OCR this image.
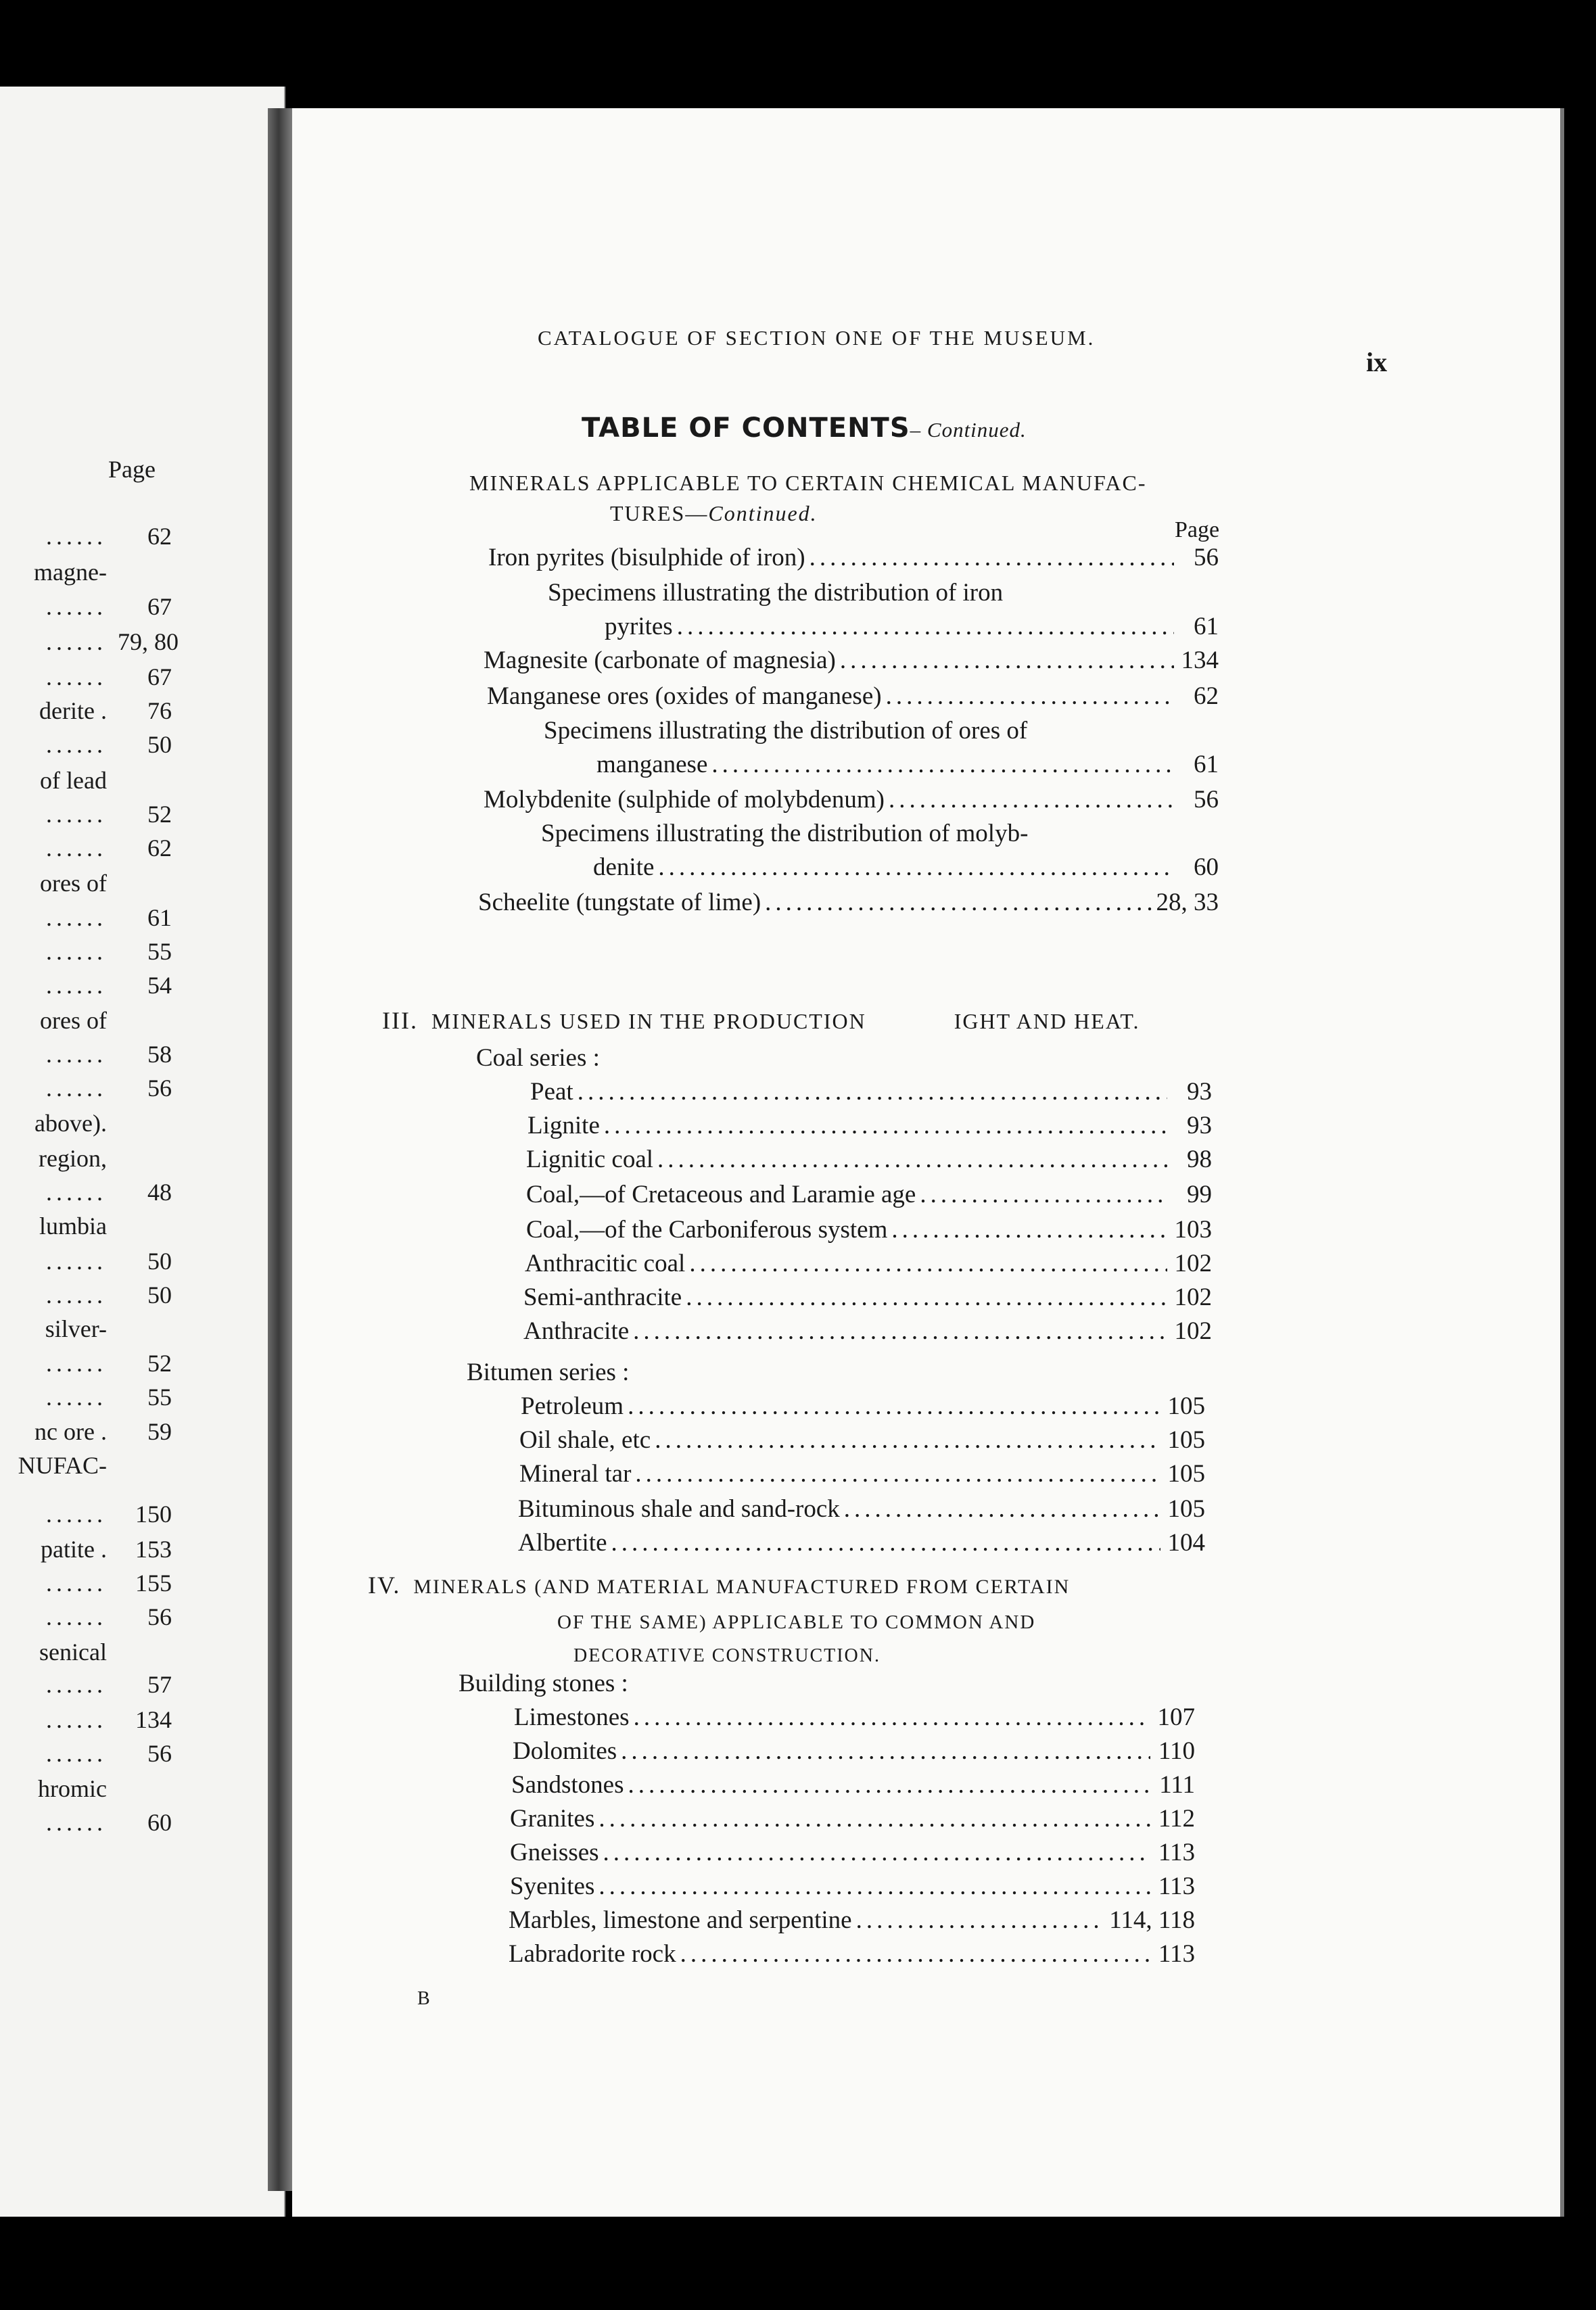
Page
...... 62
magne-
...... 67
...... 79, 80
...... 67
derite . 76
...... 50
of lead
...... 52
...... 62
ores of
...... 61
...... 55
...... 54
ores of
...... 58
...... 56
above).
region,
...... 48
lumbia
...... 50
...... 50
silver-
...... 52
...... 55
nc ore . 59
NUFAC-
...... 150
patite . 153
...... 155
...... 56
senical
...... 57
...... 134
...... 56
hromic
...... 60
CATALOGUE OF SECTION ONE OF THE MUSEUM.
ix
TABLE OF CONTENTS– Continued.
MINERALS APPLICABLE TO CERTAIN CHEMICAL MANUFAC-
TURES—Continued.
Page
Iron pyrites (bisulphide of iron) .....	56
Specimens illustrating the distribution of iron
pyrites .....	61
Magnesite (carbonate of magnesia) .....	134
Manganese ores (oxides of manganese) .....	62
Specimens illustrating the distribution of ores of
manganese .....	61
Molybdenite (sulphide of molybdenum) .....	56
Specimens illustrating the distribution of molyb-
denite .....	60
Scheelite (tungstate of lime) .....	28, 33
Peat .....	93
Lignite .....	93
Lignitic coal .....	98
Coal,—of Cretaceous and Laramie age .....	99
Coal,—of the Carboniferous system .....	103
Anthracitic coal .....	102
Semi-anthracite .....	102
Anthracite .....	102
Petroleum .....	105
Oil shale, etc .....	105
Mineral tar .....	105
Bituminous shale and sand-rock .....	105
Albertite .....	104
Limestones .....	107
Dolomites .....	110
Sandstones .....	111
Granites .....	112
Gneisses .....	113
Syenites .....	113
Marbles, limestone and serpentine .....	114, 118
Labradorite rock .....	113
III. MINERALS USED IN THE PRODUCTION	IGHT AND HEAT.
IV. MINERALS (AND MATERIAL MANUFACTURED FROM CERTAIN
OF THE SAME) APPLICABLE TO COMMON AND
DECORATIVE CONSTRUCTION.
Coal series :
Bitumen series :
Building stones :
B
